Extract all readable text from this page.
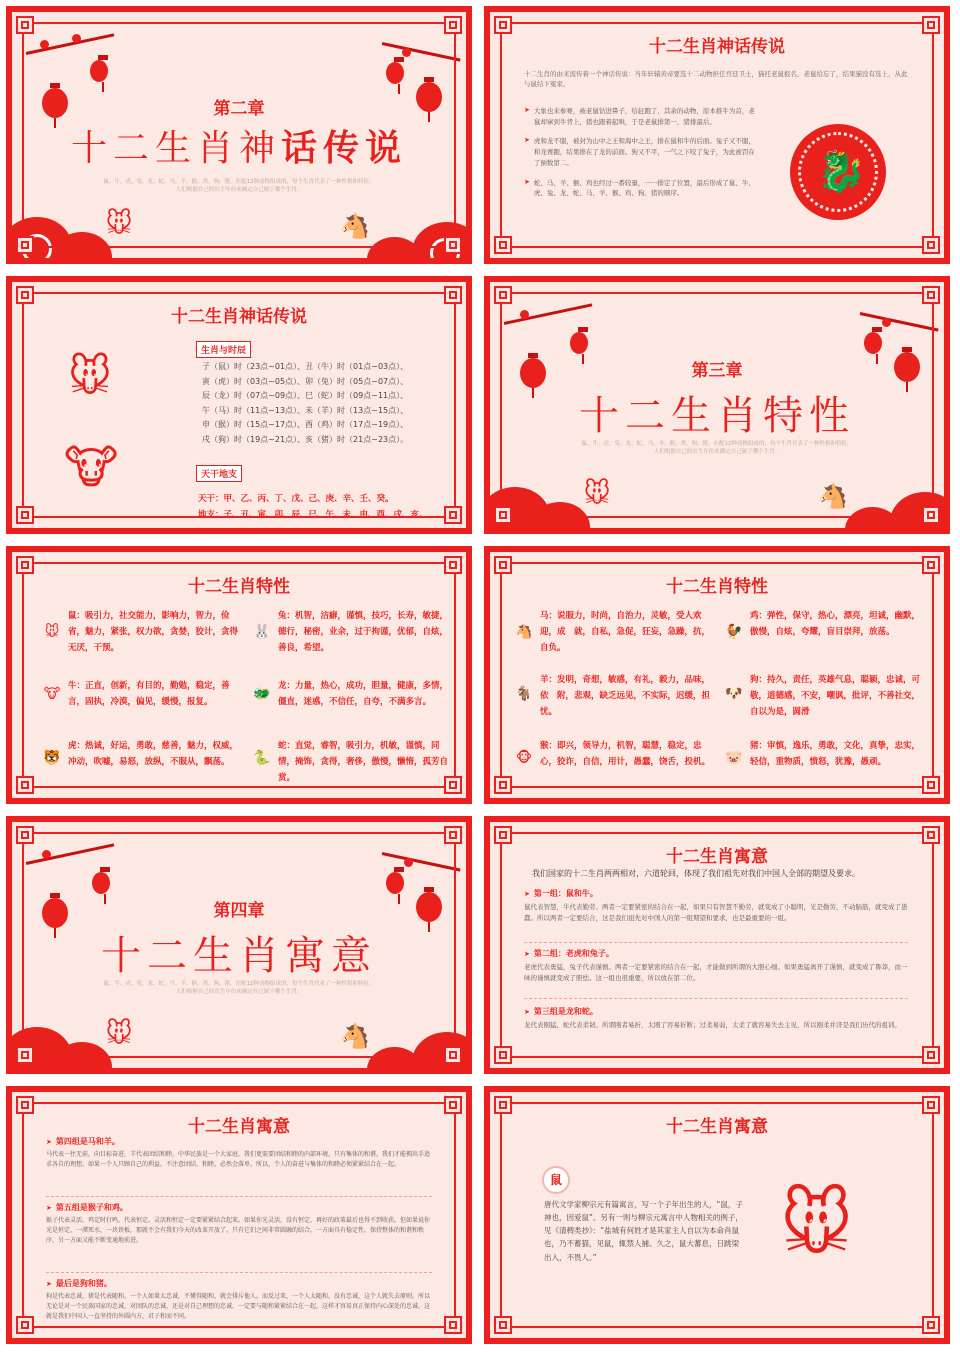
第二章
十二生肖神话传说
鼠、牛、虎、兔、龙、蛇、马、羊、猴、鸡、狗、猪，在配12种动物组成的，每个生肖代表了一种性格和特征，人们根据自己的出生年份来确定自己属于哪个生肖。
🐭	🐴
十二生肖神话传说
十二生肖的由来流传着一个神话传说：当年轩辕黄帝要选十二动物担任宫廷卫士，猫托老鼠报名，老鼠给忘了，结果猫没有选上，从此与鼠结下冤家。
➤ 大象也来参赛，被老鼠钻进鼻子，给赶跑了，其余的动物，原本推牛为首，老鼠却窜到牛背上，猪也跟着起哄，于是老鼠排第一，猪排最后。
➤ 虎和龙不服，被封为山中之王和海中之王，排在鼠和牛的后面。兔子又不服，和龙赛跑，结果排在了龙的前面。狗又不平，一气之下咬了兔子，为此被罚在了倒数第二。
➤ 蛇、马、羊、猴、鸡也经过一番较量，一一排定了位置，最后形成了鼠、牛、虎、兔、龙、蛇、马、羊、猴、鸡、狗、猪的顺序。	🐉
十二生肖神话传说
🐭
🐮
生肖与时辰
子（鼠）时（23点~01点）、丑（牛）时（01点~03点）、
寅（虎）时（03点~05点）、卯（兔）时（05点~07点）、
辰（龙）时（07点~09点）、巳（蛇）时（09点~11点）、
午（马）时（11点~13点）、未（羊）时（13点~15点）、
申（猴）时（15点~17点）、酉（鸡）时（17点~19点）、
戌（狗）时（19点~21点）、亥（猪）时（21点~23点）。
天干地支
天干：甲、乙、丙、丁、戊、己、庚、辛、壬、癸。
地支：子、丑、寅、卯、辰、巳、午、未、申、酉、戌、亥。
第三章
十二生肖特性
鼠、牛、虎、兔、龙、蛇、马、羊、猴、鸡、狗、猪，在配12种动物组成的，每个生肖代表了一种性格和特征，人们根据自己的出生年份来确定自己属于哪个生肖。
🐭	🐴
十二生肖特性
🐭
鼠：吸引力，社交能力，影响力，智力，俭省，魅力，紧张，权力欲，贪婪，狡计，贪得无厌，干预。
🐰
兔：机智，洁癖，谨慎，技巧，长寿，敏捷，德行，秘密，业余，过于拘谨，优郁，自炫，善良，希望。
🐮 牛：正直，创新，有目的，勤勉，稳定，善言，固执，冷漠，偏见，缓慢，报复。
🐲 龙：力量，热心，成功，胆量，健康，多情，僵直，迷惑，不信任，自夸，不满多言。
🐯
虎：热诚，好运，勇敢，慈善，魅力，权威，冲动，吹嘘，易怒，放纵，不服从，飘荡。	🐍
蛇：直觉，睿智，吸引力，机敏，谨慎，同情，掩饰，贪得，奢侈，傲慢，懒惰，孤芳自赏。
十二生肖特性
🐴
马：说服力，时尚，自治力，灵敏，受人欢迎，成　就，自私，急促，狂妄，急躁，抗，自负。
🐓
鸡：弹性，保守，热心，漂亮，坦诚，幽默，傲慢，自炫，夸耀，盲目崇拜，放荡。
🐐
羊：发明，奇想，敏感，有礼，毅力，品味，依　附，悲观，缺乏远见，不实际，迟缓，担忧。
🐶
狗：持久，责任，英雄气息，聪颖，忠诚，可敬，道德感，不安，嘲讽，批评，不善社交，自以为是，圆滑
🐵
猴：即兴，领导力，机智，聪慧，稳定，忠心，狡诈，自信，用计，愚蠢，饶舌，投机。 🐷
猪：审慎，逸乐，勇敢，文化，真挚，忠实，轻信，重物质，愤怒，犹豫，愚顽。
第四章
十二生肖寓意
鼠、牛、虎、兔、龙、蛇、马、羊、猴、鸡、狗、猪，在配12种动物组成的，每个生肖代表了一种性格和特征，人们根据自己的出生年份来确定自己属于哪个生肖。
🐭	🐴
十二生肖寓意
我们国家的十二生肖两两相对，六道轮回，体现了我们祖先对我们中国人全部的期望及要求。
➤ 第一组：鼠和牛。
鼠代表智慧，牛代表勤劳。两者一定要紧密的结合在一起，如果只有智慧不勤劳，就变成了小聪明，光是勤劳，不动脑筋，就变成了愚蠢。所以两者一定要结合，这是我们祖先对中国人的第一组期望和要求，也是最重要的一组。
➤ 第二组：老虎和兔子。
老虎代表勇猛，兔子代表谨慎。两者一定要紧密的结合在一起，才能做到所谓的大胆心细。如果勇猛离开了谨慎，就变成了鲁莽，而一味的谨慎就变成了胆怯。这一组也很重要，所以放在第二位。
➤ 第三组是龙和蛇。
龙代表刚猛，蛇代表柔韧。所谓刚者易折，太刚了容易折断；过柔易弱，太柔了就容易失去主见，所以刚柔并济是我们历代的祖训。
十二生肖寓意
➤ 第四组是马和羊。
马代表一往无前，向目标奋进，羊代表团结和睦。中华民族是一个大家庭，我们更需要团结和睦的内部环境，只有集体的和谐，我们才能拥出手追求各自的理想。如果一个人只顾自己的利益，不注意团结、和睦，必然会落单。所以，个人的奋进与集体的和睦必须紧紧结合在一起。
➤ 第五组是猴子和鸡。
猴子代表灵活，鸡定时打鸣，代表恒定。灵活和恒定一定要紧紧结合起来。如果你光灵活，没有恒定，再好的政策最后也得不到收获。但如果说你光是恒定，一潭死水，一块铁板，那就不会有我们今天的改革开放了。只有它们之间非常圆融的结合，一方面具有稳定性，保持整体的和谐和秩序，另一方面又能不断变通地前进。
➤ 最后是狗和猪。
狗是代表忠诚，猪是代表随和。一个人如果太忠诚，不懂得随和，就会排斥他人。而反过来，一个人太随和，没有忠诚，这个人就失去原则。所以无论是对一个民族国家的忠诚，对团队的忠诚，还是对自己理想的忠诚，一定要与随和紧紧结合在一起，这样才容易真正保持内心深处的忠诚。这就是我们中国人一直坚持的外圆内方，君子和而不同。
十二生肖寓意
鼠
唐代文学家柳宗元有篇寓言，写一个子年出生的人，“鼠，子神也，因爱鼠”。另有一则与柳宗元寓言中人物相关的例子，见《清稗类抄》：“盐城有何姓才是其家主人自以为本命肖鼠也，乃不蓄猫，见鼠，辄禁人捕。久之，鼠大蕃息，日跳梁出入，不畏人。”	🐭
